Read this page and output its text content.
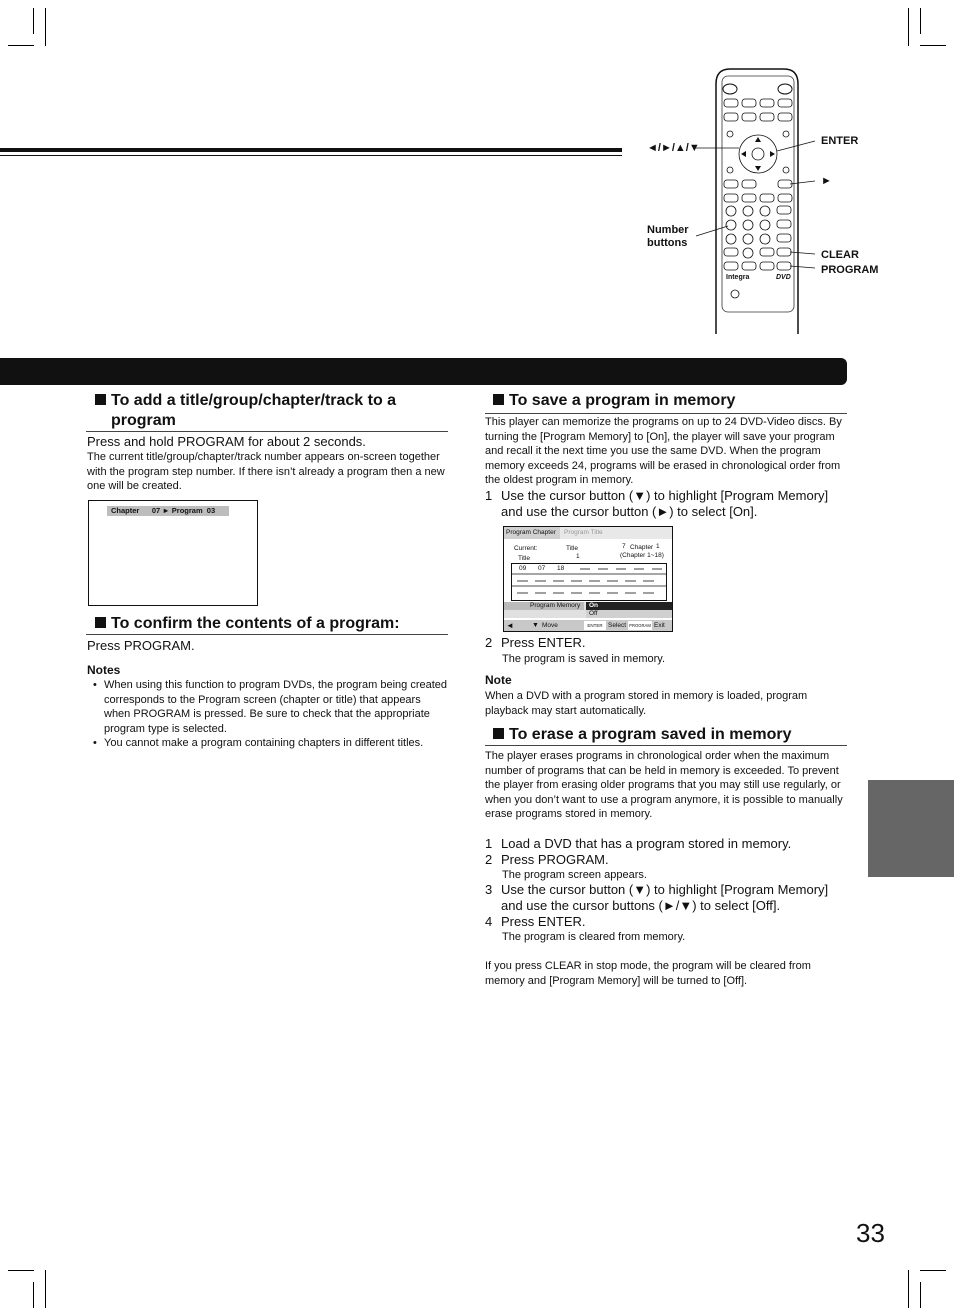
Integra	DVD
◄/►/▲/▼
ENTER
►
Number
buttons
CLEAR
PROGRAM
To add a title/group/chapter/track to a
program
Press and hold PROGRAM for about 2 seconds.
The current title/group/chapter/track number appears on-screen together with the program step number. If there isn’t already a program then a new one will be created.
Chapter      07 ► Program  03
To confirm the contents of a program:
Press PROGRAM.
Notes
• When using this function to program DVDs, the program being created corresponds to the Program screen (chapter or title) that appears when PROGRAM is pressed. Be sure to check that the appropriate program type is selected.
• You cannot make a program containing chapters in different titles.
To save a program in memory
This player can memorize the programs on up to 24 DVD-Video discs. By turning the [Program Memory] to [On], the player will save your program and recall it the next time you use the same DVD. When the program memory exceeds 24, programs will be erased in chronological order from the oldest program in memory.
1 Use the cursor button (▼) to highlight [Program Memory] and use the cursor button (►) to select [On].
Program Chapter	Program Title
Current:	Title	7 Chapter 1
Title	1	(Chapter 1~18)
09 07 18
Program Memory	On
Off
◄	▼ Move	ENTER Select PROGRAM Exit
2 Press ENTER.
The program is saved in memory.
Note
When a DVD with a program stored in memory is loaded, program playback may start automatically.
To erase a program saved in memory
The player erases programs in chronological order when the maximum number of programs that can be held in memory is exceeded. To prevent the player from erasing older programs that you may still use regularly, or when you don’t want to use a program anymore, it is possible to manually erase programs stored in memory.
1 Load a DVD that has a program stored in memory.
2 Press PROGRAM.
The program screen appears.
3 Use the cursor button (▼) to highlight [Program Memory] and use the cursor buttons (►/▼) to select [Off].
4 Press ENTER.
The program is cleared from memory.
If you press CLEAR in stop mode, the program will be cleared from memory and [Program Memory] will be turned to [Off].
33
